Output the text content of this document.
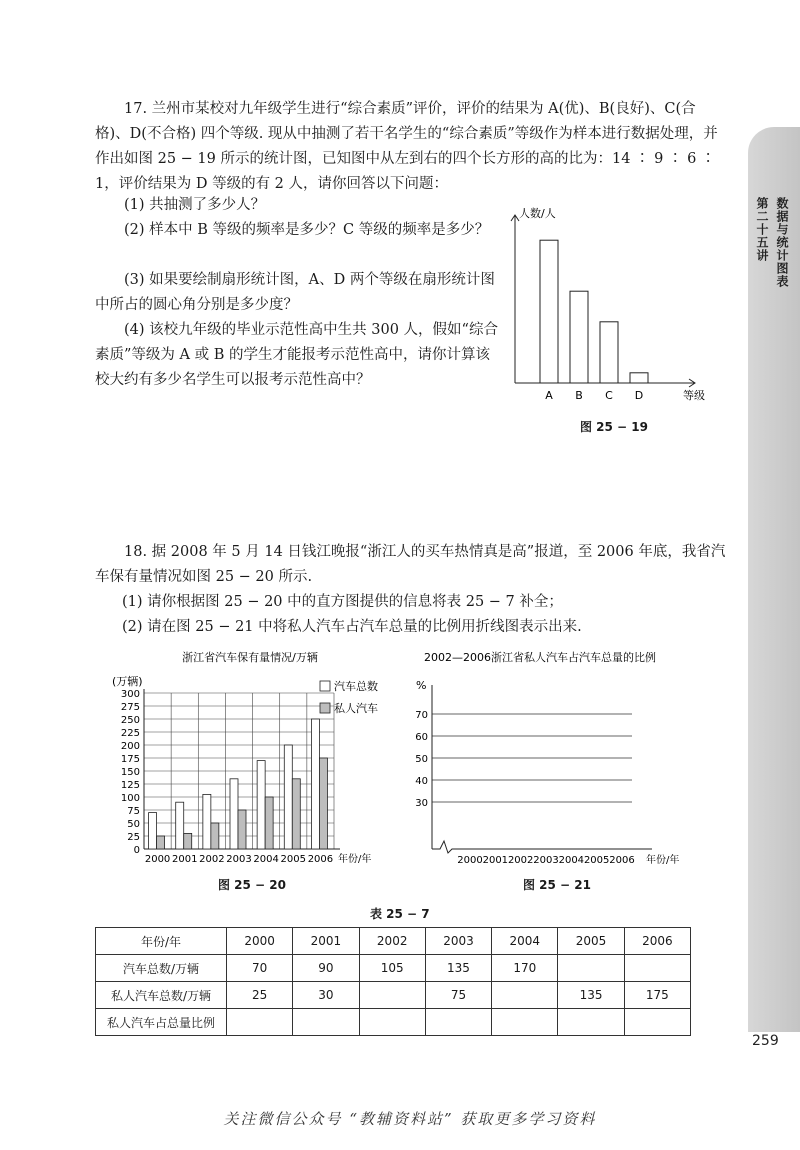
第二十五讲 数据与统计图表
259
17. 兰州市某校对九年级学生进行“综合素质”评价，评价的结果为 A(优)、B(良好)、C(合格)、D(不合格) 四个等级. 现从中抽测了若干名学生的“综合素质”等级作为样本进行数据处理，并作出如图 25 − 19 所示的统计图，已知图中从左到右的四个长方形的高的比为：14 ∶ 9 ∶ 6 ∶ 1，评价结果为 D 等级的有 2 人，请你回答以下问题：
(1) 共抽测了多少人？
(2) 样本中 B 等级的频率是多少？C 等级的频率是多少？
(3) 如果要绘制扇形统计图，A、D 两个等级在扇形统计图中所占的圆心角分别是多少度？
(4) 该校九年级的毕业示范性高中生共 300 人，假如“综合素质”等级为 A 或 B 的学生才能报考示范性高中，请你计算该校大约有多少名学生可以报考示范性高中？
人数/人
等级
A B C D
图 25 − 19
18. 据 2008 年 5 月 14 日钱江晚报“浙江人的买车热情真是高”报道，至 2006 年底，我省汽车保有量情况如图 25 − 20 所示.
(1) 请你根据图 25 − 20 中的直方图提供的信息将表 25 − 7 补全；
(2) 请在图 25 − 21 中将私人汽车占汽车总量的比例用折线图表示出来.
浙江省汽车保有量情况/万辆
(万辆)
0
25
50
75
100
125
150
175
200
225
250
275
300
2000 2001 2002 2003 2004 2005 2006 年份/年
汽车总数
私人汽车
图 25 − 20
2002—2006浙江省私人汽车占汽车总量的比例
%
30
40
50
60
70
2000 2001 2002 2003 2004 2005 2006 年份/年
图 25 − 21
表 25 − 7
年份/年	2000	2001	2002	2003	2004	2005	2006
汽车总数/万辆	70	90	105	135	170		
私人汽车总数/万辆	25	30		75		135	175
私人汽车占总量比例							
关注微信公众号 “教辅资料站” 获取更多学习资料
